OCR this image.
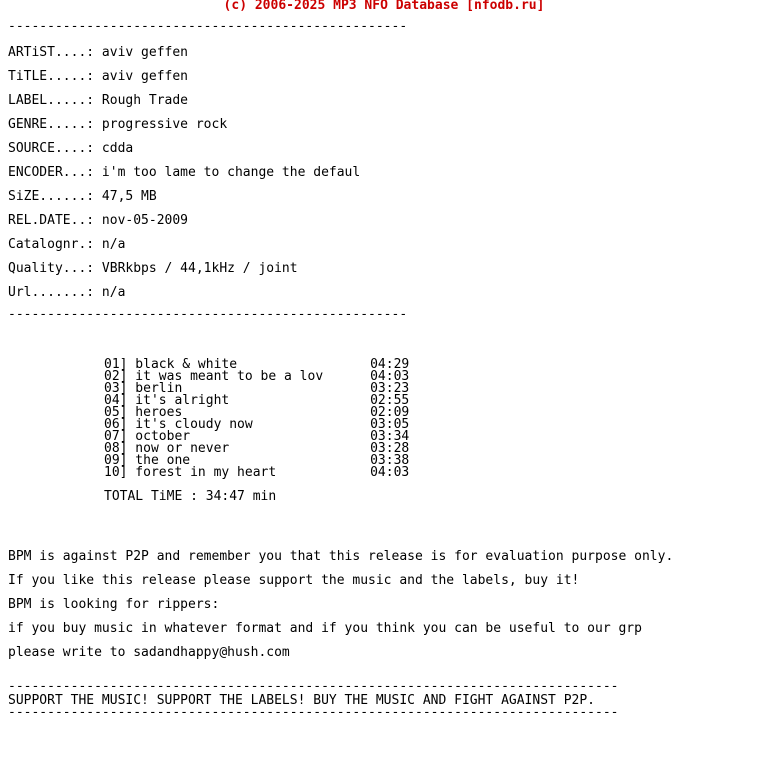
(c) 2006-2025 MP3 NFO Database [nfodb.ru]
---------------------------------------------------
ARTiST....: aviv geffen
TiTLE.....: aviv geffen
LABEL.....: Rough Trade
GENRE.....: progressive rock
SOURCE....: cdda
ENCODER...: i'm too lame to change the defaul
SiZE......: 47,5 MB
REL.DATE..: nov-05-2009
Catalognr.: n/a
Quality...: VBRkbps / 44,1kHz / joint
Url.......: n/a
---------------------------------------------------
01] black & white                 04:29
02] it was meant to be a lov      04:03
03] berlin                        03:23
04] it's alright                  02:55
05] heroes                        02:09
06] it's cloudy now               03:05
07] october                       03:34
08] now or never                  03:28
09] the one                       03:38
10] forest in my heart            04:03
TOTAL TiME : 34:47 min
BPM is against P2P and remember you that this release is for evaluation purpose only.
If you like this release please support the music and the labels, buy it!
BPM is looking for rippers:
if you buy music in whatever format and if you think you can be useful to our grp
please write to sadandhappy@hush.com
------------------------------------------------------------------------------
SUPPORT THE MUSIC! SUPPORT THE LABELS! BUY THE MUSIC AND FIGHT AGAINST P2P.
------------------------------------------------------------------------------
